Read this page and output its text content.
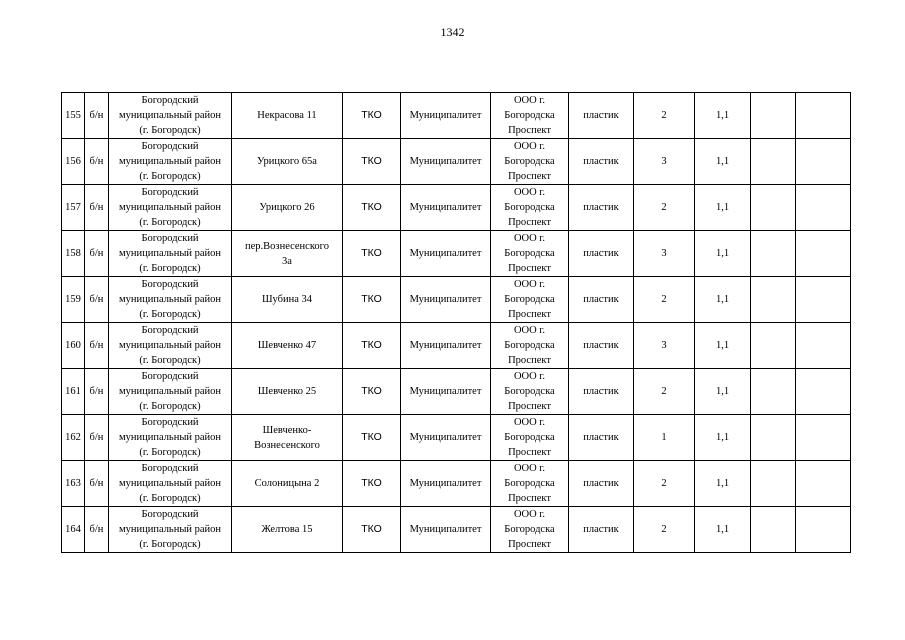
1342
155	б/н	Богородский
муниципальный район
(г. Богородск)	Некрасова 11	ТКО	Муниципалитет	ООО г.
Богородска
Проспект	пластик	2	1,1		
156	б/н	Богородский
муниципальный район
(г. Богородск)	Урицкого 65а	ТКО	Муниципалитет	ООО г.
Богородска
Проспект	пластик	3	1,1		
157	б/н	Богородский
муниципальный район
(г. Богородск)	Урицкого 26	ТКО	Муниципалитет	ООО г.
Богородска
Проспект	пластик	2	1,1		
158	б/н	Богородский
муниципальный район
(г. Богородск)	пер.Вознесенского
3а	ТКО	Муниципалитет	ООО г.
Богородска
Проспект	пластик	3	1,1		
159	б/н	Богородский
муниципальный район
(г. Богородск)	Шубина 34	ТКО	Муниципалитет	ООО г.
Богородска
Проспект	пластик	2	1,1		
160	б/н	Богородский
муниципальный район
(г. Богородск)	Шевченко 47	ТКО	Муниципалитет	ООО г.
Богородска
Проспект	пластик	3	1,1		
161	б/н	Богородский
муниципальный район
(г. Богородск)	Шевченко 25	ТКО	Муниципалитет	ООО г.
Богородска
Проспект	пластик	2	1,1		
162	б/н	Богородский
муниципальный район
(г. Богородск)	Шевченко-
Вознесенского	ТКО	Муниципалитет	ООО г.
Богородска
Проспект	пластик	1	1,1		
163	б/н	Богородский
муниципальный район
(г. Богородск)	Солоницына 2	ТКО	Муниципалитет	ООО г.
Богородска
Проспект	пластик	2	1,1		
164	б/н	Богородский
муниципальный район
(г. Богородск)	Желтова 15	ТКО	Муниципалитет	ООО г.
Богородска
Проспект	пластик	2	1,1		
